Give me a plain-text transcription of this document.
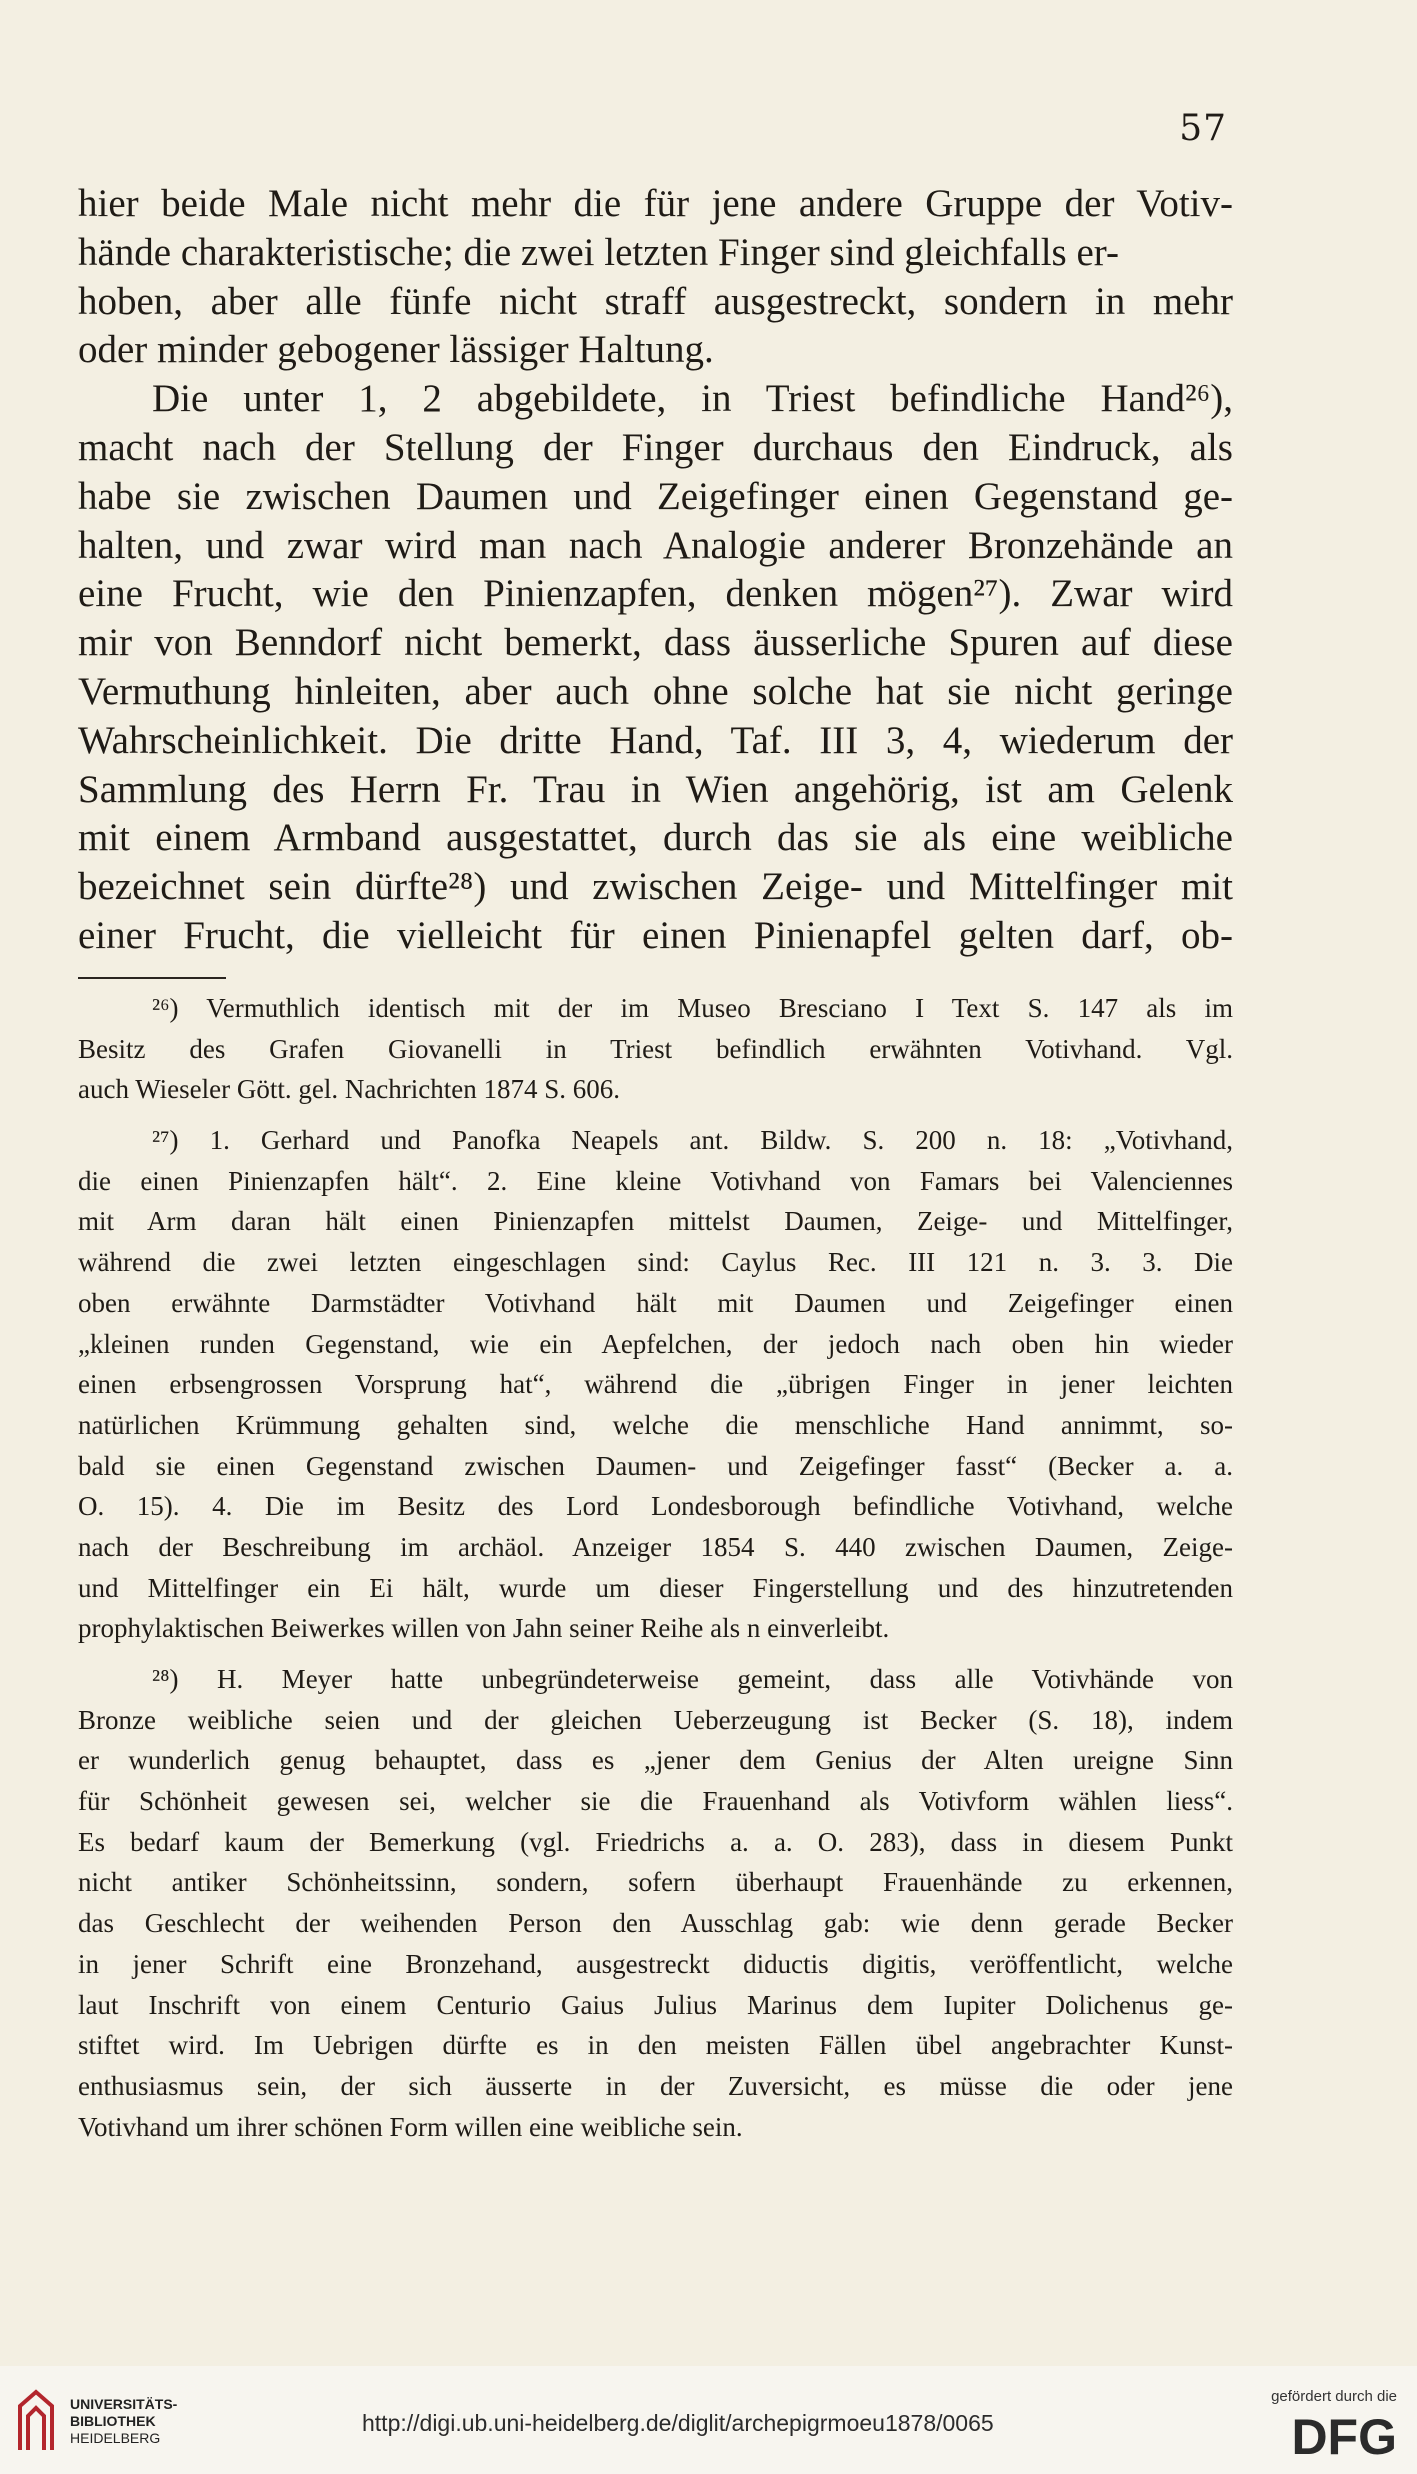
57
hier beide Male nicht mehr die für jene andere Gruppe der Votiv-
hände charakteristische; die zwei letzten Finger sind gleichfalls er-
hoben, aber alle fünfe nicht straff ausgestreckt, sondern in mehr
oder minder gebogener lässiger Haltung.
Die unter 1, 2 abgebildete, in Triest befindliche Hand²⁶),
macht nach der Stellung der Finger durchaus den Eindruck, als
habe sie zwischen Daumen und Zeigefinger einen Gegenstand ge-
halten, und zwar wird man nach Analogie anderer Bronzehände an
eine Frucht, wie den Pinienzapfen, denken mögen²⁷). Zwar wird
mir von Benndorf nicht bemerkt, dass äusserliche Spuren auf diese
Vermuthung hinleiten, aber auch ohne solche hat sie nicht geringe
Wahrscheinlichkeit. Die dritte Hand, Taf. III 3, 4, wiederum der
Sammlung des Herrn Fr. Trau in Wien angehörig, ist am Gelenk
mit einem Armband ausgestattet, durch das sie als eine weibliche
bezeichnet sein dürfte²⁸) und zwischen Zeige- und Mittelfinger mit
einer Frucht, die vielleicht für einen Pinienapfel gelten darf, ob-
²⁶) Vermuthlich identisch mit der im Museo Bresciano I Text S. 147 als im
Besitz des Grafen Giovanelli in Triest befindlich erwähnten Votivhand. Vgl.
auch Wieseler Gött. gel. Nachrichten 1874 S. 606.
²⁷) 1. Gerhard und Panofka Neapels ant. Bildw. S. 200 n. 18: „Votivhand,
die einen Pinienzapfen hält“. 2. Eine kleine Votivhand von Famars bei Valenciennes
mit Arm daran hält einen Pinienzapfen mittelst Daumen, Zeige- und Mittelfinger,
während die zwei letzten eingeschlagen sind: Caylus Rec. III 121 n. 3. 3. Die
oben erwähnte Darmstädter Votivhand hält mit Daumen und Zeigefinger einen
„kleinen runden Gegenstand, wie ein Aepfelchen, der jedoch nach oben hin wieder
einen erbsengrossen Vorsprung hat“, während die „übrigen Finger in jener leichten
natürlichen Krümmung gehalten sind, welche die menschliche Hand annimmt, so-
bald sie einen Gegenstand zwischen Daumen- und Zeigefinger fasst“ (Becker a. a.
O. 15). 4. Die im Besitz des Lord Londesborough befindliche Votivhand, welche
nach der Beschreibung im archäol. Anzeiger 1854 S. 440 zwischen Daumen, Zeige-
und Mittelfinger ein Ei hält, wurde um dieser Fingerstellung und des hinzutretenden
prophylaktischen Beiwerkes willen von Jahn seiner Reihe als n einverleibt.
²⁸) H. Meyer hatte unbegründeterweise gemeint, dass alle Votivhände von
Bronze weibliche seien und der gleichen Ueberzeugung ist Becker (S. 18), indem
er wunderlich genug behauptet, dass es „jener dem Genius der Alten ureigne Sinn
für Schönheit gewesen sei, welcher sie die Frauenhand als Votivform wählen liess“.
Es bedarf kaum der Bemerkung (vgl. Friedrichs a. a. O. 283), dass in diesem Punkt
nicht antiker Schönheitssinn, sondern, sofern überhaupt Frauenhände zu erkennen,
das Geschlecht der weihenden Person den Ausschlag gab: wie denn gerade Becker
in jener Schrift eine Bronzehand, ausgestreckt diductis digitis, veröffentlicht, welche
laut Inschrift von einem Centurio Gaius Julius Marinus dem Iupiter Dolichenus ge-
stiftet wird. Im Uebrigen dürfte es in den meisten Fällen übel angebrachter Kunst-
enthusiasmus sein, der sich äusserte in der Zuversicht, es müsse die oder jene
Votivhand um ihrer schönen Form willen eine weibliche sein.
UNIVERSITÄTS-
BIBLIOTHEK
HEIDELBERG
http://digi.ub.uni-heidelberg.de/diglit/archepigrmoeu1878/0065
gefördert durch die
DFG
